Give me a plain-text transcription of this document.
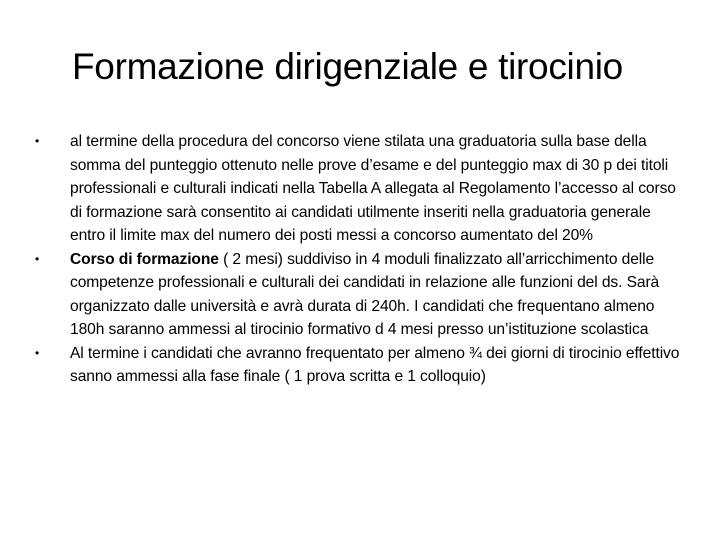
Formazione dirigenziale e tirocinio
•	al termine della procedura del concorso viene stilata una graduatoria sulla base della somma del punteggio ottenuto nelle prove d’esame e del punteggio max di 30 p dei titoli professionali e culturali indicati nella Tabella A allegata al Regolamento l’accesso al corso di formazione sarà consentito ai candidati utilmente inseriti nella graduatoria generale entro il limite max del numero dei posti messi a concorso aumentato del 20%
•	Corso di formazione ( 2 mesi) suddiviso in 4 moduli finalizzato all’arricchimento delle competenze professionali e culturali dei candidati in relazione alle funzioni del ds. Sarà organizzato dalle università e avrà durata di 240h. I candidati che frequentano almeno 180h saranno ammessi al tirocinio formativo d 4 mesi presso un’istituzione scolastica
•	Al termine i candidati che avranno frequentato per almeno ¾ dei giorni di tirocinio effettivo sanno ammessi alla fase finale ( 1 prova scritta e 1 colloquio)
